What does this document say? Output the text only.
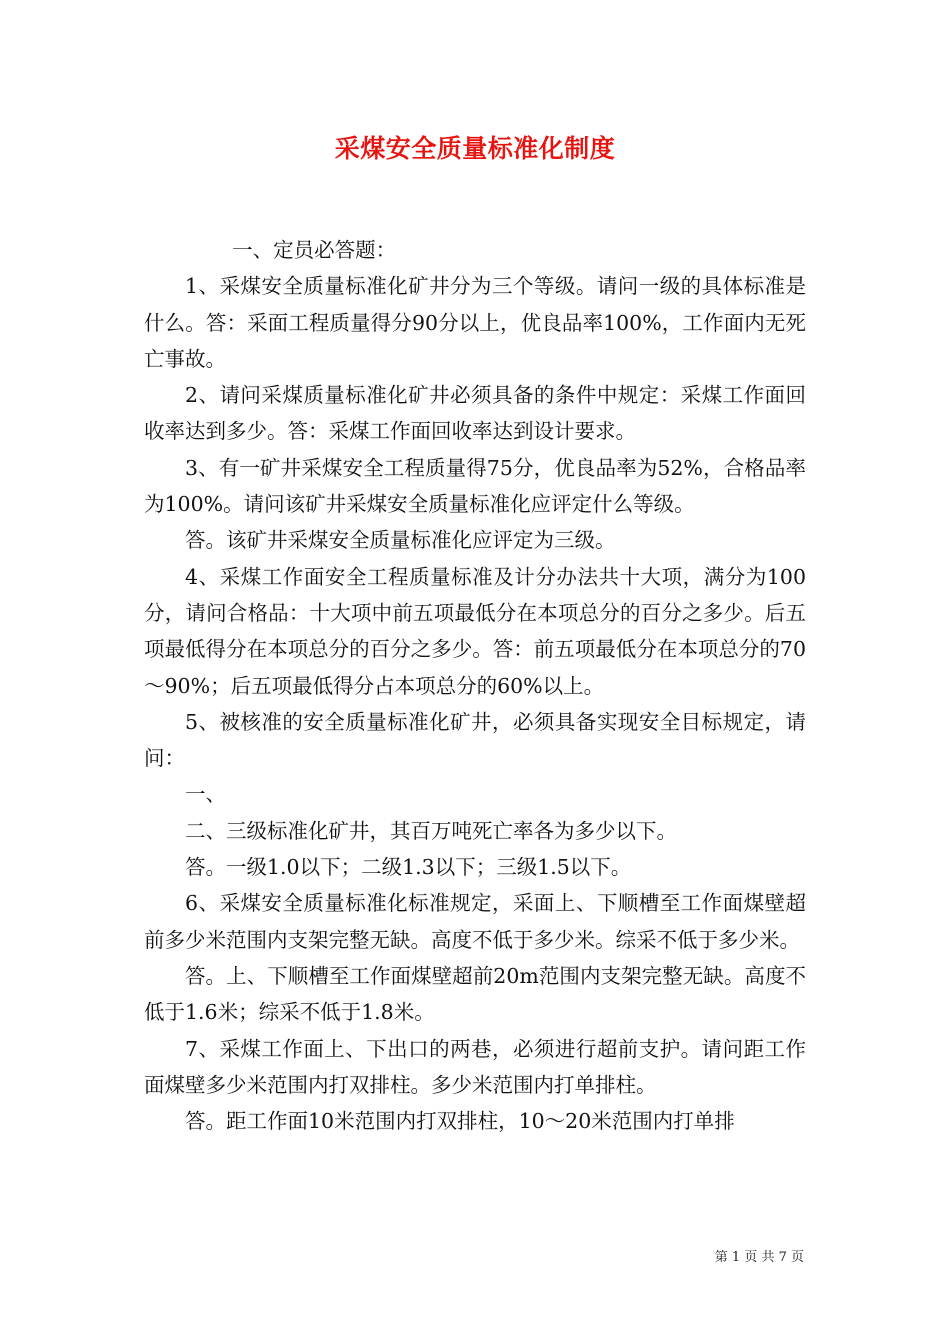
采煤安全质量标准化制度

一、定员必答题：

1、采煤安全质量标准化矿井分为三个等级。请问一级的具体标准是什么。答：采面工程质量得分90分以上，优良品率100%，工作面内无死亡事故。

2、请问采煤质量标准化矿井必须具备的条件中规定：采煤工作面回收率达到多少。答：采煤工作面回收率达到设计要求。

3、有一矿井采煤安全工程质量得75分，优良品率为52%，合格品率为100%。请问该矿井采煤安全质量标准化应评定什么等级。

答。该矿井采煤安全质量标准化应评定为三级。

4、采煤工作面安全工程质量标准及计分办法共十大项，满分为100分，请问合格品：十大项中前五项最低分在本项总分的百分之多少。后五项最低得分在本项总分的百分之多少。答：前五项最低分在本项总分的70～90%；后五项最低得分占本项总分的60%以上。

5、被核准的安全质量标准化矿井，必须具备实现安全目标规定，请问：

一、

二、三级标准化矿井，其百万吨死亡率各为多少以下。

答。一级1.0以下；二级1.3以下；三级1.5以下。

6、采煤安全质量标准化标准规定，采面上、下顺槽至工作面煤壁超前多少米范围内支架完整无缺。高度不低于多少米。综采不低于多少米。

答。上、下顺槽至工作面煤壁超前20m范围内支架完整无缺。高度不低于1.6米；综采不低于1.8米。

7、采煤工作面上、下出口的两巷，必须进行超前支护。请问距工作面煤壁多少米范围内打双排柱。多少米范围内打单排柱。

答。距工作面10米范围内打双排柱，10～20米范围内打单排

第 1 页 共 7 页
